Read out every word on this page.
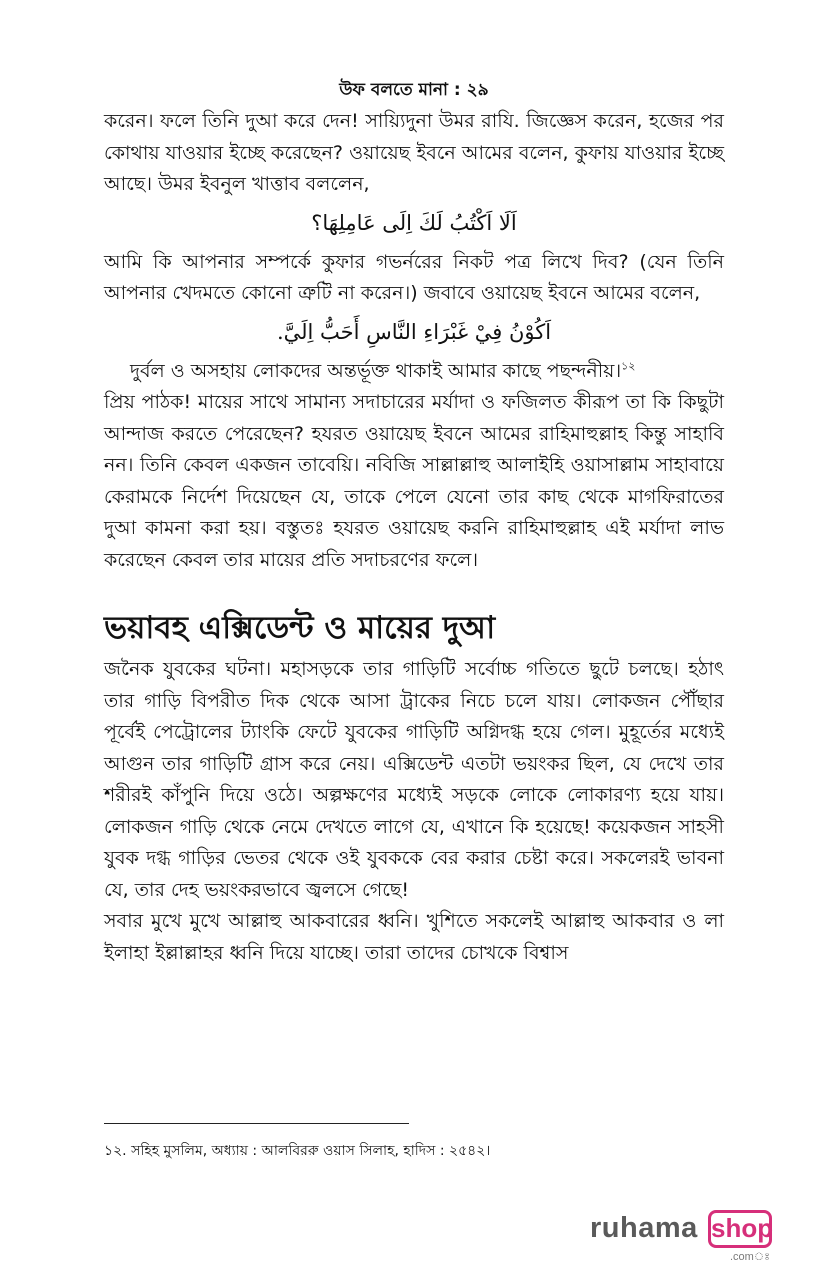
উফ বলতে মানা : ২৯

করেন। ফলে তিনি দুআ করে দেন! সায়্যিদুনা উমর রাযি. জিজ্ঞেস করেন, হজের পর কোথায় যাওয়ার ইচ্ছে করেছেন? ওয়ায়েছ ইবনে আমের বলেন, কুফায় যাওয়ার ইচ্ছে আছে। উমর ইবনুল খাত্তাব বললেন,

اَلَا اَكْتُبُ لَكَ اِلَى عَامِلِهَا؟

আমি কি আপনার সম্পর্কে কুফার গভর্নরের নিকট পত্র লিখে দিব? (যেন তিনি আপনার খেদমতে কোনো ত্রুটি না করেন।) জবাবে ওয়ায়েছ ইবনে আমের বলেন,

اَكُوْنُ فِيْ غَبْرَاءِ النَّاسِ أَحَبُّ اِلَيَّ.

দুর্বল ও অসহায় লোকদের অন্তর্ভূক্ত থাকাই আমার কাছে পছন্দনীয়।$^{১২}$

প্রিয় পাঠক! মায়ের সাথে সামান্য সদাচারের মর্যাদা ও ফজিলত কীরূপ তা কি কিছুটা আন্দাজ করতে পেরেছেন? হযরত ওয়ায়েছ ইবনে আমের রাহিমাহুল্লাহ কিন্তু সাহাবি নন। তিনি কেবল একজন তাবেয়ি। নবিজি সাল্লাল্লাহু আলাইহি ওয়াসাল্লাম সাহাবায়ে কেরামকে নির্দেশ দিয়েছেন যে, তাকে পেলে যেনো তার কাছ থেকে মাগফিরাতের দুআ কামনা করা হয়। বস্তুতঃ হযরত ওয়ায়েছ করনি রাহিমাহুল্লাহ এই মর্যাদা লাভ করেছেন কেবল তার মায়ের প্রতি সদাচরণের ফলে।

ভয়াবহ এক্সিডেন্ট ও মায়ের দুআ

জনৈক যুবকের ঘটনা। মহাসড়কে তার গাড়িটি সর্বোচ্চ গতিতে ছুটে চলছে। হঠাৎ তার গাড়ি বিপরীত দিক থেকে আসা ট্রাকের নিচে চলে যায়। লোকজন পৌঁছার পূর্বেই পেট্রোলের ট্যাংকি ফেটে যুবকের গাড়িটি অগ্নিদগ্ধ হয়ে গেল। মুহূর্তের মধ্যেই আগুন তার গাড়িটি গ্রাস করে নেয়। এক্সিডেন্ট এতটা ভয়ংকর ছিল, যে দেখে তার শরীরই কাঁপুনি দিয়ে ওঠে। অল্পক্ষণের মধ্যেই সড়কে লোকে লোকারণ্য হয়ে যায়। লোকজন গাড়ি থেকে নেমে দেখতে লাগে যে, এখানে কি হয়েছে! কয়েকজন সাহসী যুবক দগ্ধ গাড়ির ভেতর থেকে ওই যুবককে বের করার চেষ্টা করে। সকলেরই ভাবনা যে, তার দেহ ভয়ংকরভাবে জ্বলসে গেছে!

সবার মুখে মুখে আল্লাহু আকবারের ধ্বনি। খুশিতে সকলেই আল্লাহু আকবার ও লা ইলাহা ইল্লাল্লাহর ধ্বনি দিয়ে যাচ্ছে। তারা তাদের চোখকে বিশ্বাস

১২. সহিহ মুসলিম, অধ্যায় : আলবিররু ওয়াস সিলাহ, হাদিস : ২৫৪২।
ruhama shop
.comঃ
